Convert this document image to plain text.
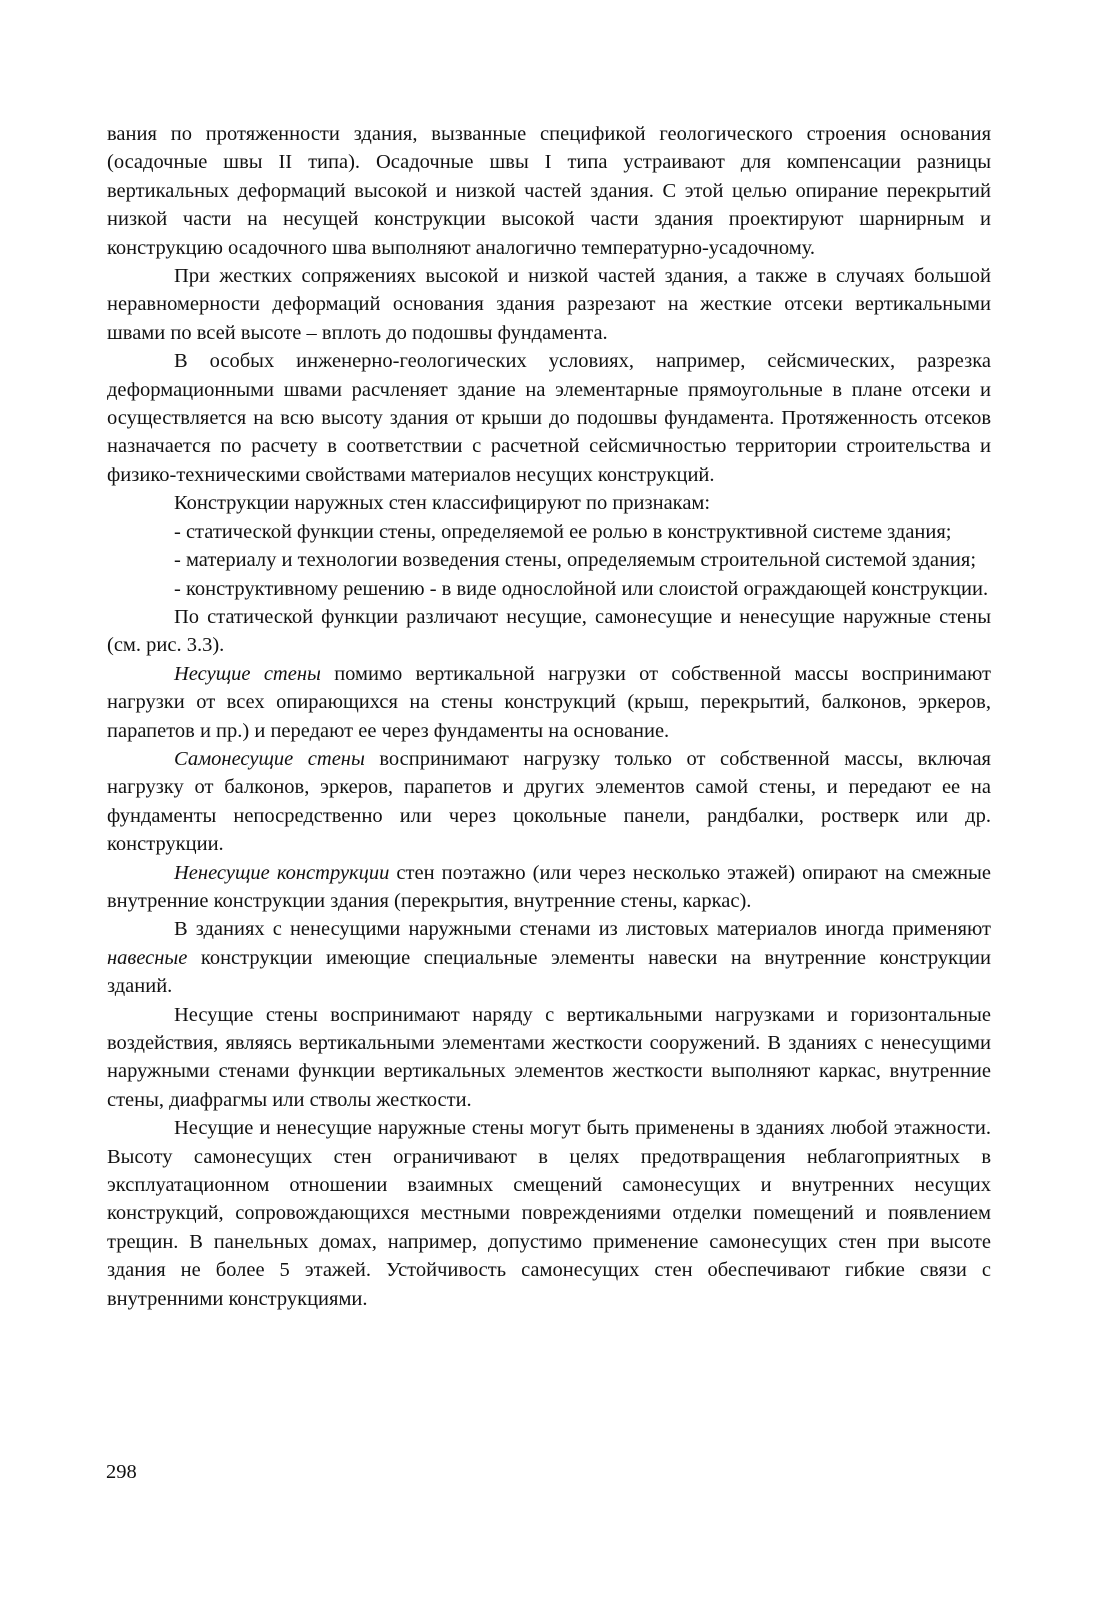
вания по протяженности здания, вызванные спецификой геологического строения основания (осадочные швы II типа). Осадочные швы I типа устраивают для компенсации разницы вертикальных деформаций высокой и низкой частей здания. С этой целью опирание перекрытий низкой части на несущей конструкции высокой части здания проектируют шарнирным и конструкцию осадочного шва выполняют аналогично температурно-усадочному.

При жестких сопряжениях высокой и низкой частей здания, а также в случаях большой неравномерности деформаций основания здания разрезают на жесткие отсеки вертикальными швами по всей высоте – вплоть до подошвы фундамента.

В особых инженерно-геологических условиях, например, сейсмических, разрезка деформационными швами расчленяет здание на элементарные прямоугольные в плане отсеки и осуществляется на всю высоту здания от крыши до подошвы фундамента. Протяженность отсеков назначается по расчету в соответствии с расчетной сейсмичностью территории строительства и физико-техническими свойствами материалов несущих конструкций.

Конструкции наружных стен классифицируют по признакам:

- статической функции стены, определяемой ее ролью в конструктивной системе здания;

- материалу и технологии возведения стены, определяемым строительной системой здания;

- конструктивному решению - в виде однослойной или слоистой ограждающей конструкции.

По статической функции различают несущие, самонесущие и ненесущие наружные стены (см. рис. 3.3).

Несущие стены помимо вертикальной нагрузки от собственной массы воспринимают нагрузки от всех опирающихся на стены конструкций (крыш, перекрытий, балконов, эркеров, парапетов и пр.) и передают ее через фундаменты на основание.

Самонесущие стены воспринимают нагрузку только от собственной массы, включая нагрузку от балконов, эркеров, парапетов и других элементов самой стены, и передают ее на фундаменты непосредственно или через цокольные панели, рандбалки, ростверк или др. конструкции.

Ненесущие конструкции стен поэтажно (или через несколько этажей) опирают на смежные внутренние конструкции здания (перекрытия, внутренние стены, каркас).

В зданиях с ненесущими наружными стенами из листовых материалов иногда применяют навесные конструкции имеющие специальные элементы навески на внутренние конструкции зданий.

Несущие стены воспринимают наряду с вертикальными нагрузками и горизонтальные воздействия, являясь вертикальными элементами жесткости сооружений. В зданиях с ненесущими наружными стенами функции вертикальных элементов жесткости выполняют каркас, внутренние стены, диафрагмы или стволы жесткости.

Несущие и ненесущие наружные стены могут быть применены в зданиях любой этажности. Высоту самонесущих стен ограничивают в целях предотвращения неблагоприятных в эксплуатационном отношении взаимных смещений самонесущих и внутренних несущих конструкций, сопровождающихся местными повреждениями отделки помещений и появлением трещин. В панельных домах, например, допустимо применение самонесущих стен при высоте здания не более 5 этажей. Устойчивость самонесущих стен обеспечивают гибкие связи с внутренними конструкциями.

298
